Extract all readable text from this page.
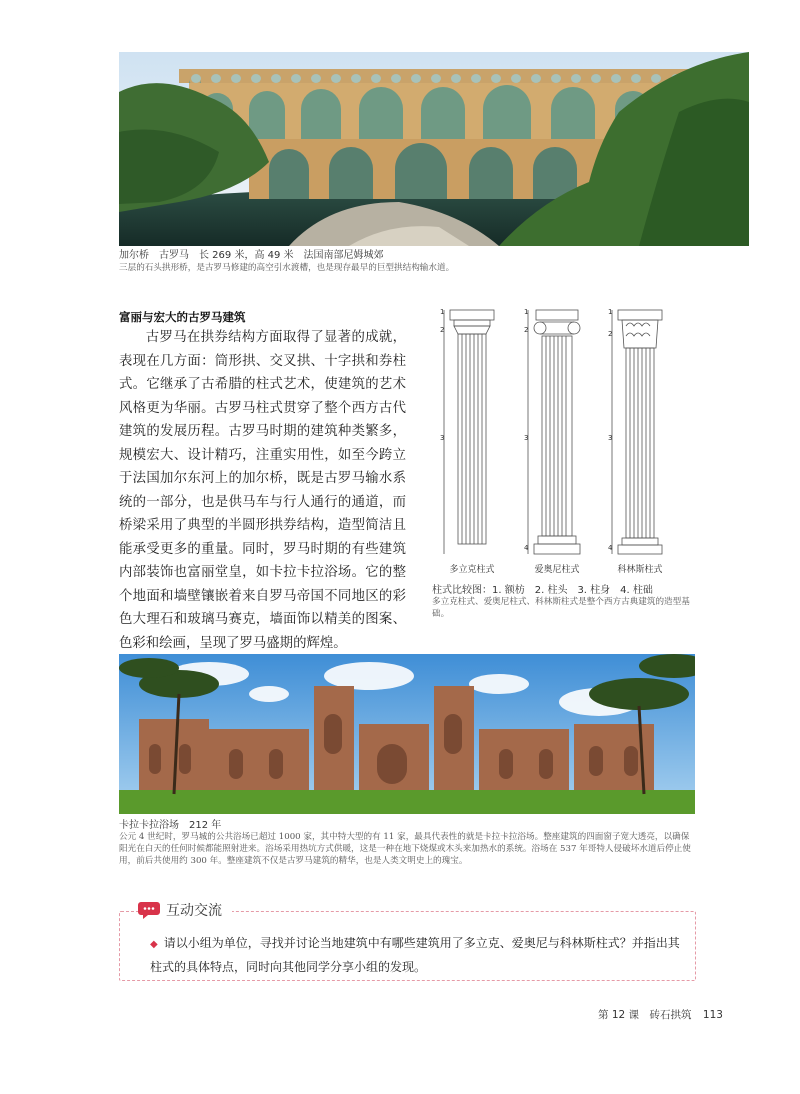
加尔桥　古罗马　长 269 米，高 49 米　法国南部尼姆城郊
三层的石头拱形桥，是古罗马修建的高空引水渡槽，也是现存最早的巨型拱结构输水道。
富丽与宏大的古罗马建筑

古罗马在拱券结构方面取得了显著的成就，表现在几方面：筒形拱、交叉拱、十字拱和券柱式。它继承了古希腊的柱式艺术，使建筑的艺术风格更为华丽。古罗马柱式贯穿了整个西方古代建筑的发展历程。古罗马时期的建筑种类繁多，规模宏大、设计精巧，注重实用性，如至今跨立于法国加尔东河上的加尔桥，既是古罗马输水系统的一部分，也是供马车与行人通行的通道，而桥梁采用了典型的半圆形拱券结构，造型简洁且能承受更多的重量。同时，罗马时期的有些建筑内部装饰也富丽堂皇，如卡拉卡拉浴场。它的整个地面和墙壁镶嵌着来自罗马帝国不同地区的彩色大理石和玻璃马赛克，墙面饰以精美的图案、色彩和绘画，呈现了罗马盛期的辉煌。

1
2
3
1
2
3
4
1
2
3
4
多立克柱式	爱奥尼柱式	科林斯柱式
柱式比较图：1. 额枋　2. 柱头　3. 柱身　4. 柱础
多立克柱式、爱奥尼柱式、科林斯柱式是整个西方古典建筑的造型基础。
卡拉卡拉浴场　212 年
公元 4 世纪时，罗马城的公共浴场已超过 1000 家，其中特大型的有 11 家，最具代表性的就是卡拉卡拉浴场。整座建筑的四面窗子宽大透亮，以确保阳光在白天的任何时候都能照射进来。浴场采用热坑方式供暖，这是一种在地下烧煤或木头来加热水的系统。浴场在 537 年哥特人侵破坏水道后停止使用，前后共使用约 300 年。整座建筑不仅是古罗马建筑的精华，也是人类文明史上的瑰宝。
互动交流

◆ 请以小组为单位，寻找并讨论当地建筑中有哪些建筑用了多立克、爱奥尼与科林斯柱式？并指出其柱式的具体特点，同时向其他同学分享小组的发现。

第 12 课　砖石拱筑 113
